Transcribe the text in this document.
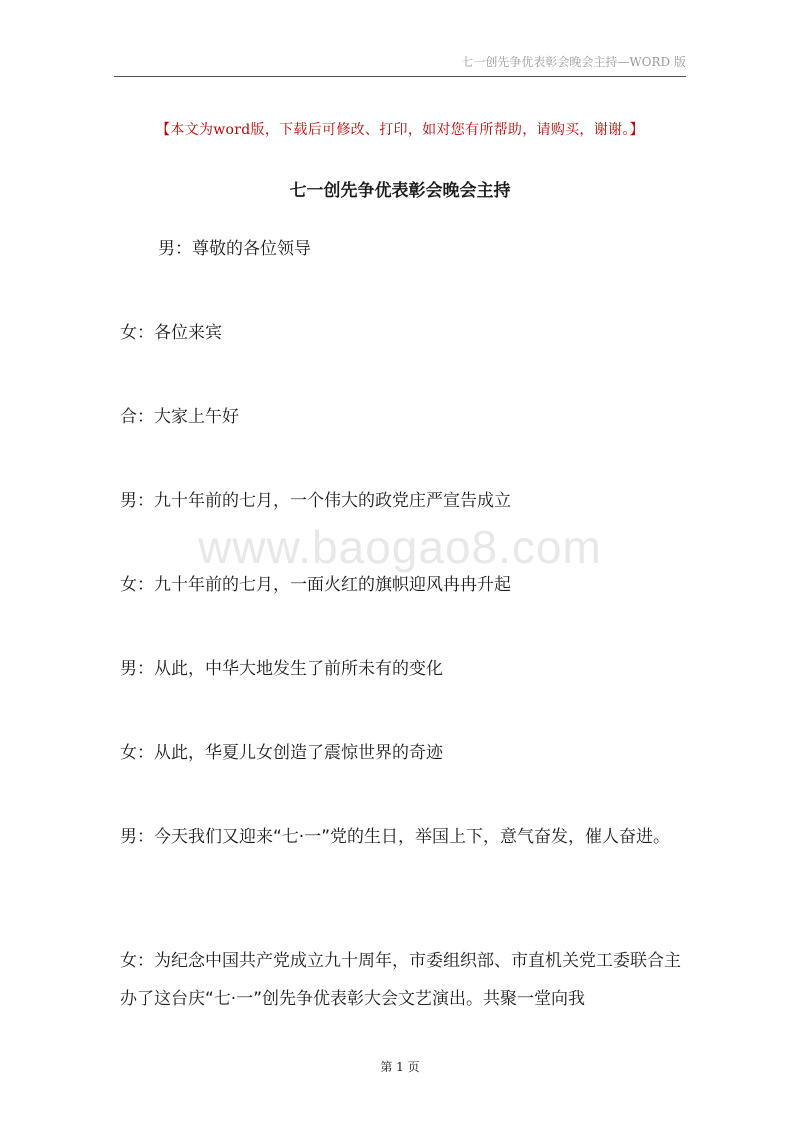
七一创先争优表彰会晚会主持—WORD 版
【本文为word版，下载后可修改、打印，如对您有所帮助，请购买，谢谢。】
七一创先争优表彰会晚会主持

男：尊敬的各位领导

女：各位来宾

合：大家上午好

男：九十年前的七月，一个伟大的政党庄严宣告成立

www.baogao8.com

女：九十年前的七月，一面火红的旗帜迎风冉冉升起

男：从此，中华大地发生了前所未有的变化

女：从此，华夏儿女创造了震惊世界的奇迹

男：今天我们又迎来“七·一”党的生日，举国上下，意气奋发，催人奋进。

女：为纪念中国共产党成立九十周年，市委组织部、市直机关党工委联合主办了这台庆“七·一”创先争优表彰大会文艺演出。共聚一堂向我

第 1 页
